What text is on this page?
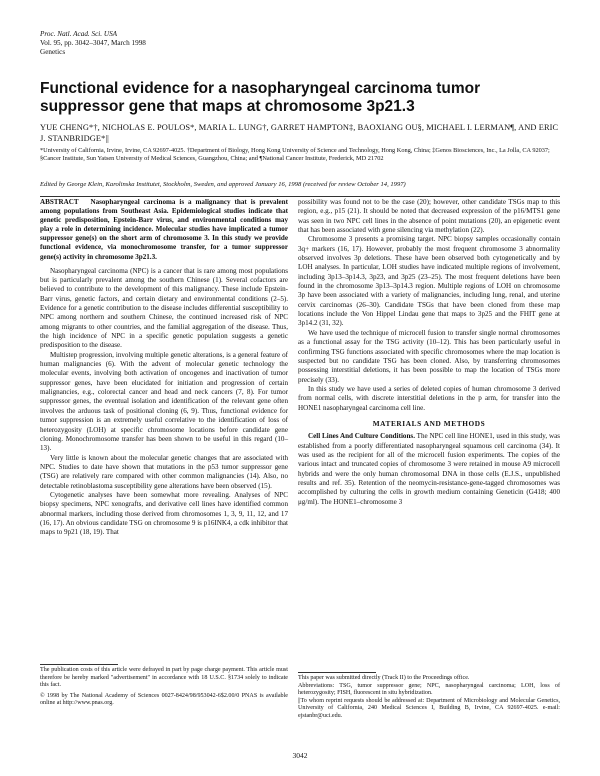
Proc. Natl. Acad. Sci. USA
Vol. 95, pp. 3042–3047, March 1998
Genetics
Functional evidence for a nasopharyngeal carcinoma tumor suppressor gene that maps at chromosome 3p21.3
YUE CHENG*†, NICHOLAS E. POULOS*, MARIA L. LUNG†, GARRET HAMPTON‡, BAOXIANG OU§, MICHAEL I. LERMAN¶, AND ERIC J. STANBRIDGE*||
*University of California, Irvine, Irvine, CA 92697-4025. †Department of Biology, Hong Kong University of Science and Technology, Hong Kong, China; ‡Genos Biosciences, Inc., La Jolla, CA 92037; §Cancer Institute, Sun Yatsen University of Medical Sciences, Guangzhou, China; and ¶National Cancer Institute, Frederick, MD 21702
Edited by George Klein, Karolinska Institutet, Stockholm, Sweden, and approved January 16, 1998 (received for review October 14, 1997)

ABSTRACT Nasopharyngeal carcinoma is a malignancy that is prevalent among populations from Southeast Asia. Epidemiological studies indicate that genetic predisposition, Epstein-Barr virus, and environmental conditions may play a role in determining incidence. Molecular studies have implicated a tumor suppressor gene(s) on the short arm of chromosome 3. In this study we provide functional evidence, via monochromosome transfer, for a tumor suppressor gene(s) activity in chromosome 3p21.3.

Nasopharyngeal carcinoma (NPC) is a cancer that is rare among most populations but is particularly prevalent among the southern Chinese (1). Several cofactors are believed to contribute to the development of this malignancy. These include Epstein-Barr virus, genetic factors, and certain dietary and environmental conditions (2–5). Evidence for a genetic contribution to the disease includes differential susceptibility to NPC among northern and southern Chinese, the continued increased risk of NPC among migrants to other countries, and the familial aggregation of the disease. Thus, the high incidence of NPC in a specific genetic population suggests a genetic predisposition to the disease.

Multistep progression, involving multiple genetic alterations, is a general feature of human malignancies (6). With the advent of molecular genetic technology the molecular events, involving both activation of oncogenes and inactivation of tumor suppressor genes, have been elucidated for initiation and progression of certain malignancies, e.g., colorectal cancer and head and neck cancers (7, 8). For tumor suppressor genes, the eventual isolation and identification of the relevant gene often involves the arduous task of positional cloning (6, 9). Thus, functional evidence for tumor suppression is an extremely useful correlative to the identification of loss of heterozygosity (LOH) at specific chromosome locations before candidate gene cloning. Monochromosome transfer has been shown to be useful in this regard (10–13).

Very little is known about the molecular genetic changes that are associated with NPC. Studies to date have shown that mutations in the p53 tumor suppressor gene (TSG) are relatively rare compared with other common malignancies (14). Also, no detectable retinoblastoma susceptibility gene alterations have been observed (15).

Cytogenetic analyses have been somewhat more revealing. Analyses of NPC biopsy specimens, NPC xenografts, and derivative cell lines have identified common abnormal markers, including those derived from chromosomes 1, 3, 9, 11, 12, and 17 (16, 17). An obvious candidate TSG on chromosome 9 is p16INK4, a cdk inhibitor that maps to 9p21 (18, 19). That

possibility was found not to be the case (20); however, other candidate TSGs map to this region, e.g., p15 (21). It should be noted that decreased expression of the p16/MTS1 gene was seen in two NPC cell lines in the absence of point mutations (20), an epigenetic event that has been associated with gene silencing via methylation (22).

Chromosome 3 presents a promising target. NPC biopsy samples occasionally contain 3q+ markers (16, 17). However, probably the most frequent chromosome 3 abnormality observed involves 3p deletions. These have been observed both cytogenetically and by LOH analyses. In particular, LOH studies have indicated multiple regions of involvement, including 3p13–3p14.3, 3p23, and 3p25 (23–25). The most frequent deletions have been found in the chromosome 3p13–3p14.3 region. Multiple regions of LOH on chromosome 3p have been associated with a variety of malignancies, including lung, renal, and uterine cervix carcinomas (26–30). Candidate TSGs that have been cloned from these map locations include the Von Hippel Lindau gene that maps to 3p25 and the FHIT gene at 3p14.2 (31, 32).

We have used the technique of microcell fusion to transfer single normal chromosomes as a functional assay for the TSG activity (10–12). This has been particularly useful in confirming TSG functions associated with specific chromosomes where the map location is suspected but no candidate TSG has been cloned. Also, by transferring chromosomes possessing interstitial deletions, it has been possible to map the location of TSGs more precisely (33).

In this study we have used a series of deleted copies of human chromosome 3 derived from normal cells, with discrete interstitial deletions in the p arm, for transfer into the HONE1 nasopharyngeal carcinoma cell line.

MATERIALS AND METHODS

Cell Lines And Culture Conditions. The NPC cell line HONE1, used in this study, was established from a poorly differentiated nasopharyngeal squamous cell carcinoma (34). It was used as the recipient for all of the microcell fusion experiments. The copies of the various intact and truncated copies of chromosome 3 were retained in mouse A9 microcell hybrids and were the only human chromosomal DNA in those cells (E.J.S., unpublished results and ref. 35). Retention of the neomycin-resistance-gene-tagged chromosomes was accomplished by culturing the cells in growth medium containing Geneticin (G418; 400 μg/ml). The HONE1–chromosome 3

The publication costs of this article were defrayed in part by page charge payment. This article must therefore be hereby marked "advertisement" in accordance with 18 U.S.C. §1734 solely to indicate this fact.

© 1998 by The National Academy of Sciences 0027-8424/98/953042-6$2.00/0 PNAS is available online at http://www.pnas.org.

This paper was submitted directly (Track II) to the Proceedings office.

Abbreviations: TSG, tumor suppressor gene; NPC, nasopharyngeal carcinoma; LOH, loss of heterozygosity; FISH, fluorescent in situ hybridization.

||To whom reprint requests should be addressed at: Department of Microbiology and Molecular Genetics, University of California, 240 Medical Sciences I, Building B, Irvine, CA 92697-4025. e-mail: ejstanbr@uci.edu.

3042
